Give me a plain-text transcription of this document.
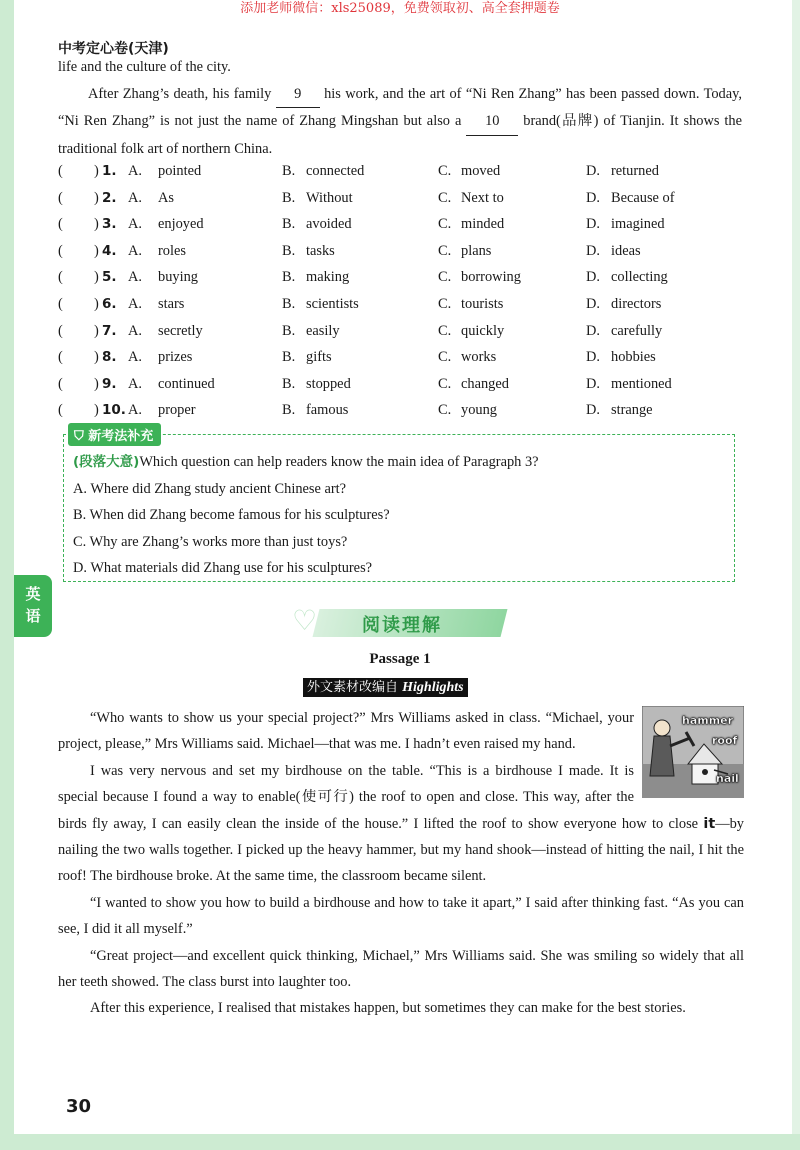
添加老师微信：xls25089，免费领取初、高全套押题卷
中考定心卷(天津)
英
语

life and the culture of the city.

After Zhang’s death, his family 9 his work, and the art of “Ni Ren Zhang” has been passed down. Today, “Ni Ren Zhang” is not just the name of Zhang Mingshan but also a 10 brand(品牌) of Tianjin. It shows the traditional folk art of northern China.

( ) 1. A. pointed	B. connected	C. moved	D. returned
( ) 2. A. As	B. Without	C. Next to	D. Because of
( ) 3. A. enjoyed	B. avoided	C. minded	D. imagined
( ) 4. A. roles	B. tasks	C. plans	D. ideas
( ) 5. A. buying	B. making	C. borrowing	D. collecting
( ) 6. A. stars	B. scientists	C. tourists	D. directors
( ) 7. A. secretly	B. easily	C. quickly	D. carefully
( ) 8. A. prizes	B. gifts	C. works	D. hobbies
( ) 9. A. continued	B. stopped	C. changed	D. mentioned
( ) 10. A. proper	B. famous	C. young	D. strange
⛉ 新考法补充
(段落大意)Which question can help readers know the main idea of Paragraph 3?
A. Where did Zhang study ancient Chinese art?
B. When did Zhang become famous for his sculptures?
C. Why are Zhang’s works more than just toys?
D. What materials did Zhang use for his sculptures?
♡ 阅读理解
Passage 1
外文素材改编自 Highlights
hammer
roof
nail

“Who wants to show us your special project?” Mrs Williams asked in class. “Michael, your project, please,” Mrs Williams said. Michael—that was me. I hadn’t even raised my hand.

I was very nervous and set my birdhouse on the table. “This is a birdhouse I made. It is special because I found a way to enable(使可行) the roof to open and close. This way, after the birds fly away, I can easily clean the inside of the house.” I lifted the roof to show everyone how to close it—by nailing the two walls together. I picked up the heavy hammer, but my hand shook—instead of hitting the nail, I hit the roof! The birdhouse broke. At the same time, the classroom became silent.

“I wanted to show you how to build a birdhouse and how to take it apart,” I said after thinking fast. “As you can see, I did it all myself.”

“Great project—and excellent quick thinking, Michael,” Mrs Williams said. She was smiling so widely that all her teeth showed. The class burst into laughter too.

After this experience, I realised that mistakes happen, but sometimes they can make for the best stories.

30
